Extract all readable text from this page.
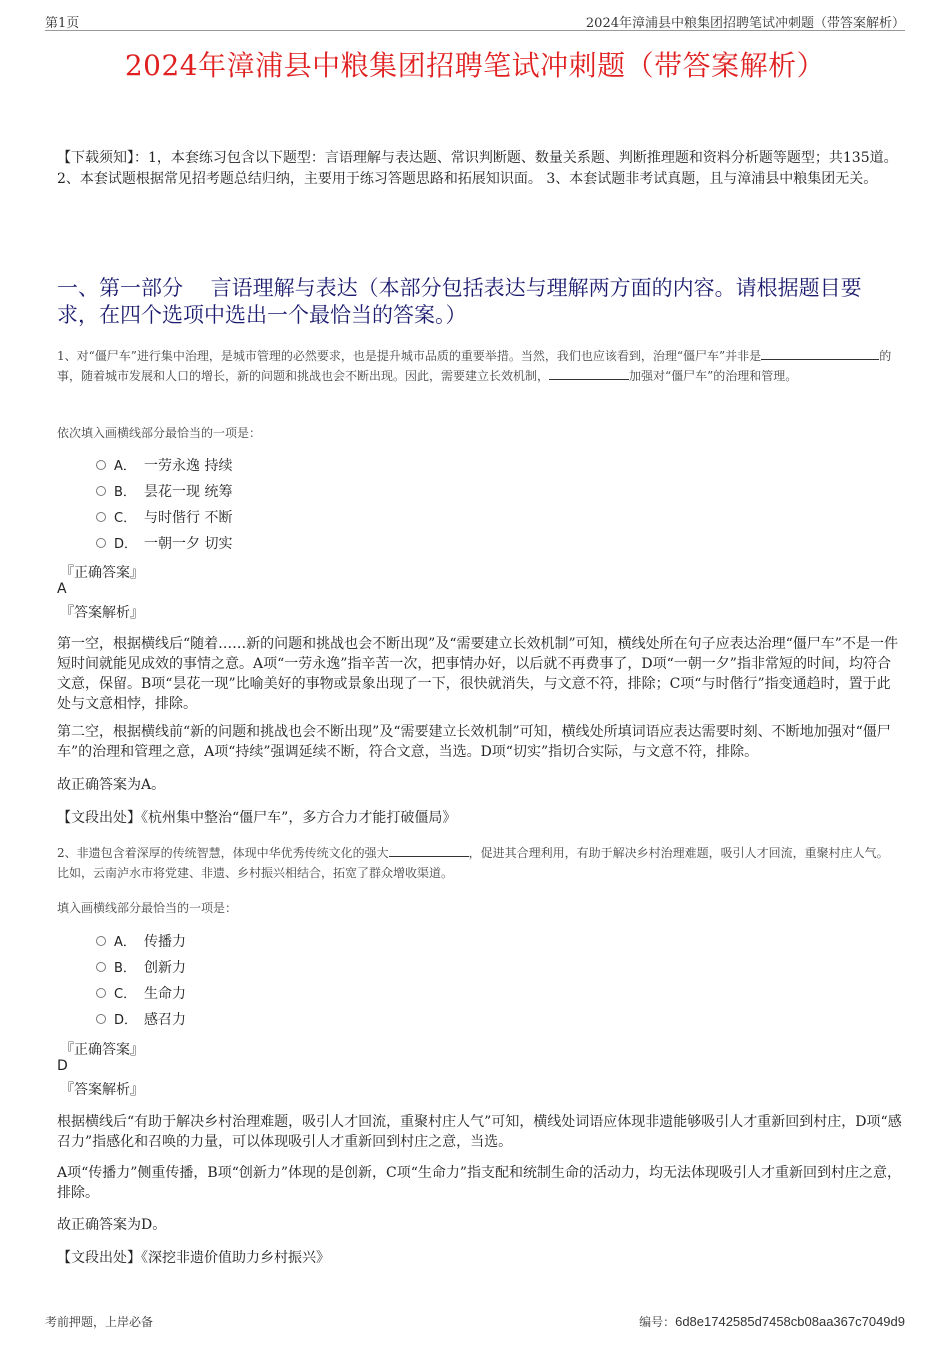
第1页	2024年漳浦县中粮集团招聘笔试冲刺题（带答案解析）
2024年漳浦县中粮集团招聘笔试冲刺题（带答案解析）
【下载须知】：1，本套练习包含以下题型：言语理解与表达题、常识判断题、数量关系题、判断推理题和资料分析题等题型；共135道。 2、本套试题根据常见招考题总结归纳，主要用于练习答题思路和拓展知识面。 3、本套试题非考试真题，且与漳浦县中粮集团无关。
一、第一部分　 言语理解与表达（本部分包括表达与理解两方面的内容。请根据题目要求，在四个选项中选出一个最恰当的答案。）
1、对“僵尸车”进行集中治理，是城市管理的必然要求，也是提升城市品质的重要举措。当然，我们也应该看到，治理“僵尸车”并非是	的事，随着城市发展和人口的增长，新的问题和挑战也会不断出现。因此，需要建立长效机制，	加强对“僵尸车”的治理和管理。
依次填入画横线部分最恰当的一项是：
A． 一劳永逸 持续
B． 昙花一现 统筹
C． 与时偕行 不断
D． 一朝一夕 切实
『正确答案』
A
『答案解析』
第一空，根据横线后“随着……新的问题和挑战也会不断出现”及“需要建立长效机制”可知，横线处所在句子应表达治理“僵尸车”不是一件短时间就能见成效的事情之意。A项“一劳永逸”指辛苦一次，把事情办好，以后就不再费事了，D项“一朝一夕”指非常短的时间，均符合文意，保留。B项“昙花一现”比喻美好的事物或景象出现了一下，很快就消失，与文意不符，排除；C项“与时偕行”指变通趋时，置于此处与文意相悖，排除。
第二空，根据横线前“新的问题和挑战也会不断出现”及“需要建立长效机制”可知，横线处所填词语应表达需要时刻、不断地加强对“僵尸车”的治理和管理之意，A项“持续”强调延续不断，符合文意，当选。D项“切实”指切合实际，与文意不符，排除。
故正确答案为A。
【文段出处】《杭州集中整治“僵尸车”，多方合力才能打破僵局》
2、非遗包含着深厚的传统智慧，体现中华优秀传统文化的强大	，促进其合理利用，有助于解决乡村治理难题，吸引人才回流，重聚村庄人气。比如，云南泸水市将党建、非遗、乡村振兴相结合，拓宽了群众增收渠道。
填入画横线部分最恰当的一项是：
A． 传播力
B． 创新力
C． 生命力
D． 感召力
『正确答案』
D
『答案解析』
根据横线后“有助于解决乡村治理难题，吸引人才回流，重聚村庄人气”可知，横线处词语应体现非遗能够吸引人才重新回到村庄，D项“感召力”指感化和召唤的力量，可以体现吸引人才重新回到村庄之意，当选。
A项“传播力”侧重传播，B项“创新力”体现的是创新，C项“生命力”指支配和统制生命的活动力，均无法体现吸引人才重新回到村庄之意，排除。
故正确答案为D。
【文段出处】《深挖非遗价值助力乡村振兴》
考前押题，上岸必备	编号：6d8e1742585d7458cb08aa367c7049d9
